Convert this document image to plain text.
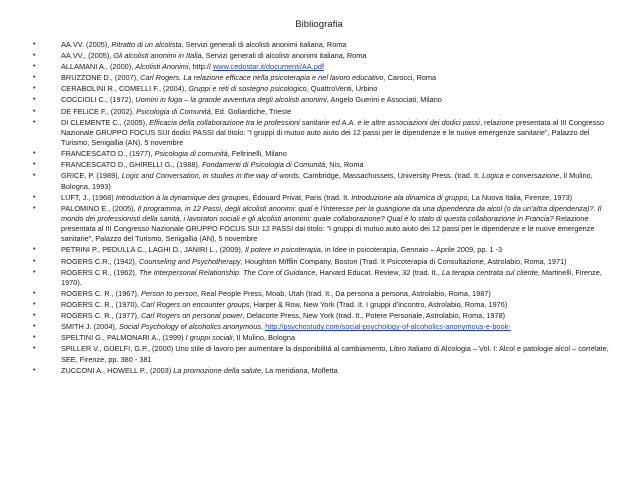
Bibliografia
•	AA.VV. (2005), Ritratto di un alcolista, Servizi generali di alcolisti anonimi italiana, Roma
•	AA.VV., (2005), Gli alcolisti anonimi in Italia, Servizi generali di alcolisti anonimi italiana, Roma
•	ALLAMANI A., (2000), Alcolisti Anonimi, http:// www.cedostar.it/documenti/AA.pdf
•	BRUZZONE D., (2007), Carl Rogers. La relazione efficace nella psicoterapia e nel lavoro educativo, Carocci, Roma
•	CERABOLINI R., COMELLI F., (2004), Gruppi e reti di sostegno psicologico, QuattroVenti, Urbino
•	COCCIOLI C., (1972), Uomini in fuga – la grande avventura degli alcolisti anonimi, Angelo Guerini e Associati, Milano
•	DE FELICE F., (2002), Psicologia di Comunità, Ed. Goliardiche, Trieste
•	DI CLEMENTE C., (2005), Efficacia della collaborazione tra le professioni sanitarie ed A.A. e le altre associazioni dei dodici passi, relazione presentata al III Congresso Nazionale GRUPPO FOCUS SUI dodici PASSI dal titolo: “I gruppi di mutuo auto aiuto dei 12 passi per le dipendenze e le nuove emergenze sanitarie”, Palazzo del Turismo, Senigallia (AN), 5 novembre
•	FRANCESCATO D., (1977), Psicologia di comunità, Feltrinelli, Milano
•	FRANCESCATO D., GHIRELLI G., (1988), Fondamenti di Psicologia di Comunità, Nis, Roma
•	GRICE, P. (1989), Logic and Conversation, in studies in the way of words, Cambridge, Massachussets, University Press. (trad. It. Logica e conversazione, Il Mulino, Bologna, 1993)
•	LUFT, J., (1968) Introduction à la dynamique des groupes, Édouard Privat, Paris (trad. It. Introduzione ala dinamica di gruppo, La Nuova Italia, Firenze, 1973)
•	PALOMINO E., (2005), Il programma, in 12 Passi, degli alcolisti anonimi: qual è l’interesse per la guarigione da una dipendenza da alcol (o da un’altra dipendenza)?. Il mondo dei professionisti della sanità, i lavoratori sociali e gli alcolisti anonimi: quale collaborazione? Qual è lo stato di questa collaborazione in Francia? Relazione presentata al III Congresso Nazionale GRUPPO FOCUS SUI 12 PASSI dal titolo: “I gruppi di mutuo auto aiuto dei 12 passi per le dipendenze e le nuove emergenze sanitarie”, Palazzo del Turismo, Senigallia (AN), 5 novembre
•	PETRINI P., PEDULLA C., LAGHI D., JANIRI L., (2009), Il potere in psicoterapia, in Idee in psicoterapia, Gennaio – Aprile 2009, pp. 1 -3
•	ROGERS C.R., (1942), Counseling and Psychotherapy, Houghton Mifflin Company, Boston (Trad. It Psicoterapia di Consultazione, Astrolabio, Roma, 1971)
•	ROGERS C R., (1962), The Interpersonal Relationship. The Core of Guidance, Harvard Educat. Review, 32 (trad. It., La terapia centrata sul cliente, Martinelli, Firenze, 1970).
•	ROGERS C. R., (1967), Person to person, Real People Press, Moab, Utah (trad. It., Da persona a persona, Astrolabio, Roma, 1987)
•	ROGERS C. R., (1970), Carl Rogers on encounter groups, Harper & Row, New York (Trad. It. I gruppi d’incontro, Astrolabio, Roma, 1976)
•	ROGERS C. R., (1977), Carl Rogers on personal power, Delacorte Press, New York (trad. It., Potere Personale, Astrolabio, Roma, 1978)
•	SMITH J. (2004), Social Psychology of alcoholics anonymous, http://psychostudy.com/social-psychology-of-alcoholics-anonymous-e-book-
•	SPELTINI G., PALMONARI A., (1999) I gruppi sociali, Il Mulino, Bologna
•	SPILLER V., GUELFI, G.P., (2000) Uno stile di lavoro per aumentare la disponibilità al cambiamento, Libro Italiano di Alcologia – Vol. I: Alcol e patologie alcol – correlate, SEE, Firenze, pp. 380 - 381
•	ZUCCONI A., HOWELL P., (2003) La promozione della salute, La meridiana, Molfetta
